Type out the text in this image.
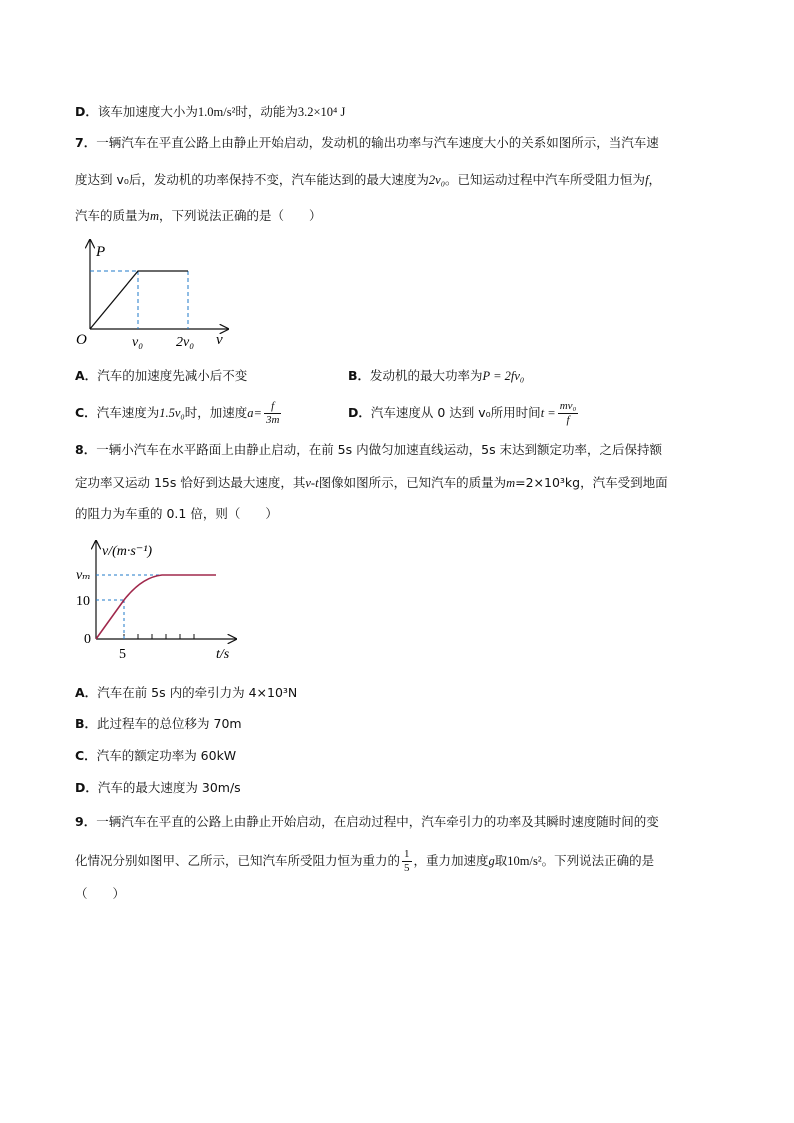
D．该车加速度大小为1.0m/s²时，动能为3.2×10⁴ J
7．一辆汽车在平直公路上由静止开始启动，发动机的输出功率与汽车速度大小的关系如图所示，当汽车速
度达到 v₀后，发动机的功率保持不变，汽车能达到的最大速度为2v₀。已知运动过程中汽车所受阻力恒为f，
汽车的质量为m，下列说法正确的是（　　）
P
O	v
v₀ 2v₀
A．汽车的加速度先减小后不变	B．发动机的最大功率为P = 2fv₀
C．汽车速度为1.5v₀时，加速度$a= \frac{f}{3m}$	D．汽车速度从 0 达到 v₀所用时间$t = \frac{\text{mv₀}}{f}$
8．一辆小汽车在水平路面上由静止启动，在前 5s 内做匀加速直线运动，5s 末达到额定功率，之后保持额
定功率又运动 15s 恰好到达最大速度，其v-t图像如图所示，已知汽车的质量为m=2×10³kg，汽车受到地面
的阻力为车重的 0.1 倍，则（　　）
v/(m·s⁻¹)
vₘ
10
0
5	t/s
A．汽车在前 5s 内的牵引力为 4×10³N
B．此过程车的总位移为 70m
C．汽车的额定功率为 60kW
D．汽车的最大速度为 30m/s
9．一辆汽车在平直的公路上由静止开始启动，在启动过程中，汽车牵引力的功率及其瞬时速度随时间的变
化情况分别如图甲、乙所示，已知汽车所受阻力恒为重力的 $\frac{1}{5}$ ，重力加速度g取10m/s²。下列说法正确的是
（　　）
